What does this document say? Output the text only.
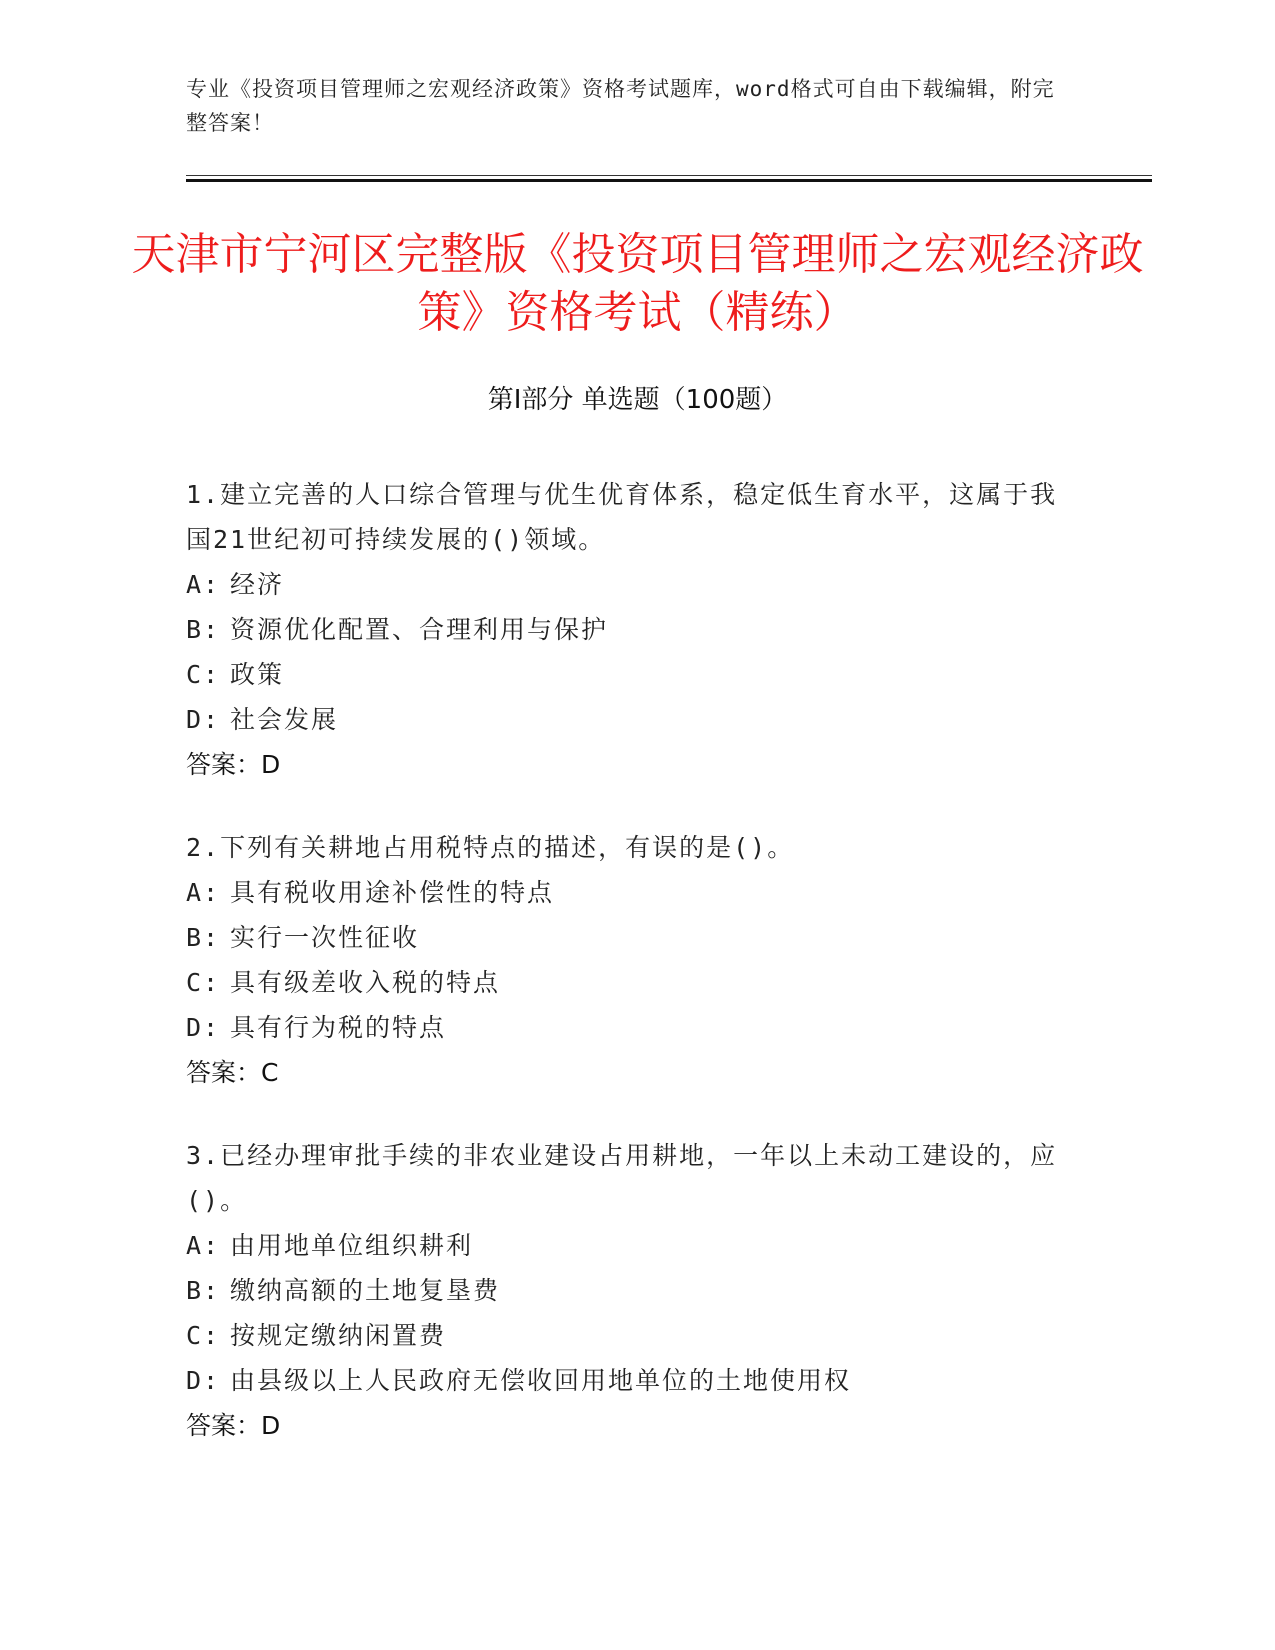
专业《投资项目管理师之宏观经济政策》资格考试题库，word格式可自由下载编辑，附完整答案！
天津市宁河区完整版《投资项目管理师之宏观经济政策》资格考试（精练）
第Ⅰ部分 单选题（100题）

1.建立完善的人口综合管理与优生优育体系，稳定低生育水平，这属于我国21世纪初可持续发展的()领域。

A: 经济
B: 资源优化配置、合理利用与保护
C: 政策
D: 社会发展

答案：D

2.下列有关耕地占用税特点的描述，有误的是()。

A: 具有税收用途补偿性的特点
B: 实行一次性征收
C: 具有级差收入税的特点
D: 具有行为税的特点

答案：C

3.已经办理审批手续的非农业建设占用耕地，一年以上未动工建设的，应()。

A: 由用地单位组织耕利
B: 缴纳高额的土地复垦费
C: 按规定缴纳闲置费
D: 由县级以上人民政府无偿收回用地单位的土地使用权

答案：D
